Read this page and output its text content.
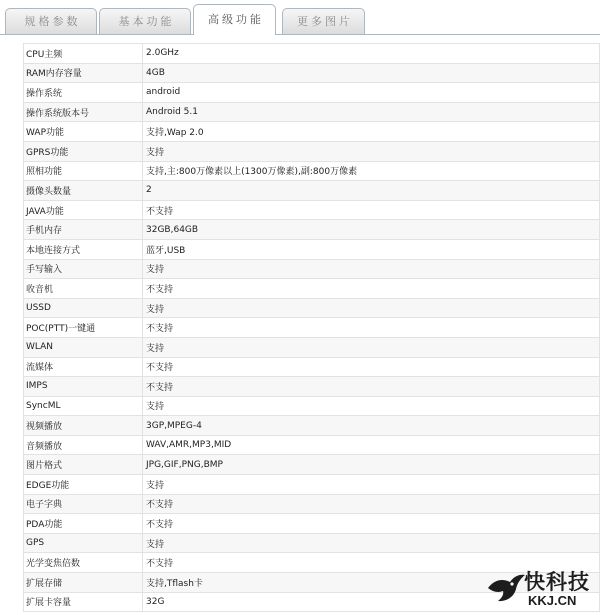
规格参数	基本功能	高级功能	更多图片
CPU主频	2.0GHz
RAM内存容量	4GB
操作系统	android
操作系统版本号	Android 5.1
WAP功能	支持,Wap 2.0
GPRS功能	支持
照相功能	支持,主:800万像素以上(1300万像素),副:800万像素
摄像头数量	2
JAVA功能	不支持
手机内存	32GB,64GB
本地连接方式	蓝牙,USB
手写输入	支持
收音机	不支持
USSD	支持
POC(PTT)一键通	不支持
WLAN	支持
流媒体	不支持
IMPS	不支持
SyncML	支持
视频播放	3GP,MPEG-4
音频播放	WAV,AMR,MP3,MID
图片格式	JPG,GIF,PNG,BMP
EDGE功能	支持
电子字典	不支持
PDA功能	不支持
GPS	支持
光学变焦倍数	不支持
扩展存储	支持,Tflash卡
扩展卡容量	32G
快科技
KKJ.CN
